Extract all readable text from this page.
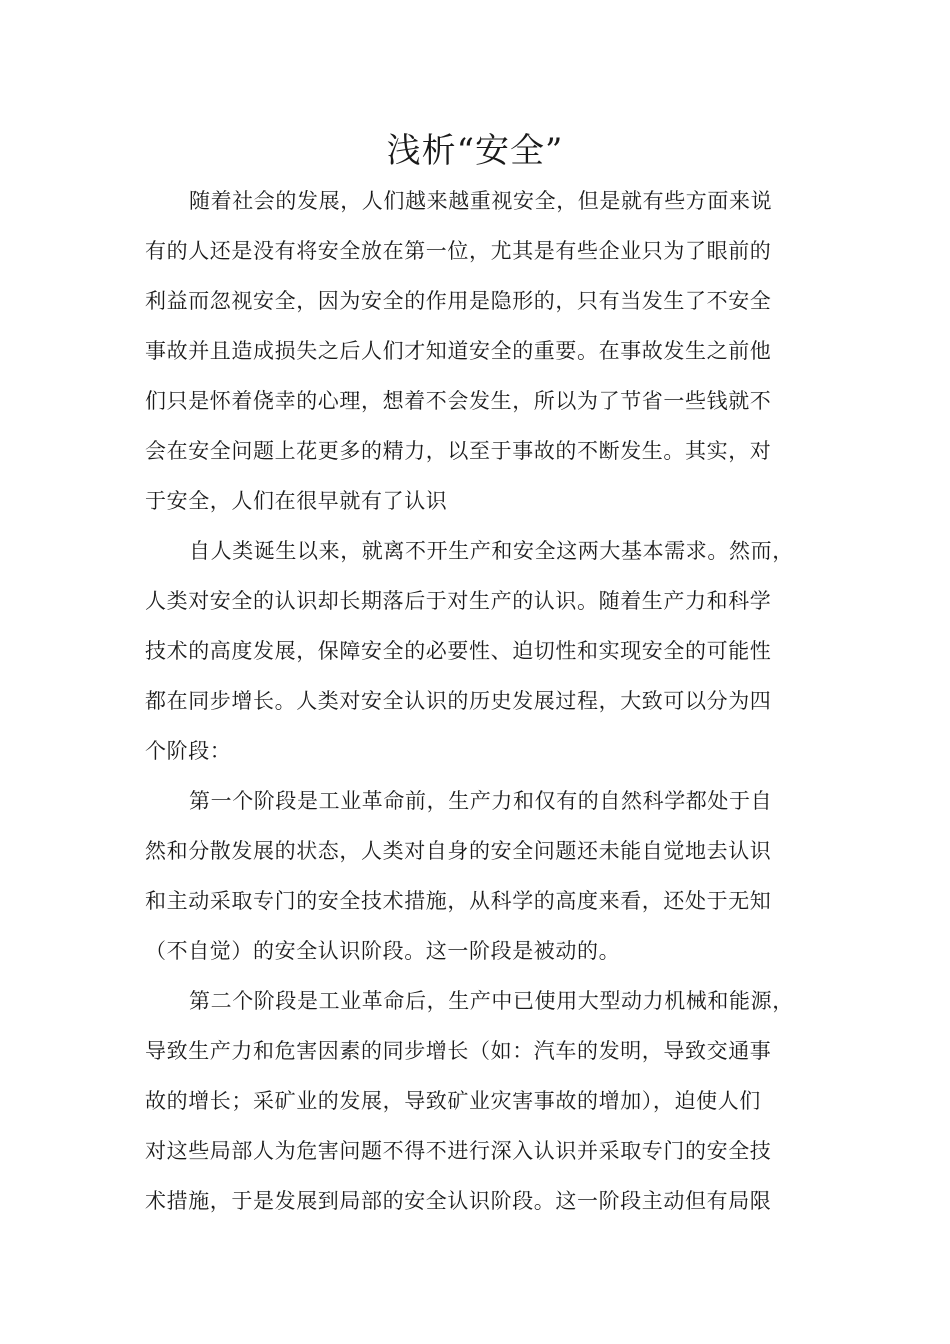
浅析“安全”
随着社会的发展，人们越来越重视安全，但是就有些方面来说
有的人还是没有将安全放在第一位，尤其是有些企业只为了眼前的
利益而忽视安全，因为安全的作用是隐形的，只有当发生了不安全
事故并且造成损失之后人们才知道安全的重要。在事故发生之前他
们只是怀着侥幸的心理，想着不会发生，所以为了节省一些钱就不
会在安全问题上花更多的精力，以至于事故的不断发生。其实，对
于安全，人们在很早就有了认识
自人类诞生以来，就离不开生产和安全这两大基本需求。然而，
人类对安全的认识却长期落后于对生产的认识。随着生产力和科学
技术的高度发展，保障安全的必要性、迫切性和实现安全的可能性
都在同步增长。人类对安全认识的历史发展过程，大致可以分为四
个阶段：
第一个阶段是工业革命前，生产力和仅有的自然科学都处于自
然和分散发展的状态，人类对自身的安全问题还未能自觉地去认识
和主动采取专门的安全技术措施，从科学的高度来看，还处于无知
（不自觉）的安全认识阶段。这一阶段是被动的。
第二个阶段是工业革命后，生产中已使用大型动力机械和能源，
导致生产力和危害因素的同步增长（如：汽车的发明，导致交通事
故的增长；采矿业的发展，导致矿业灾害事故的增加），迫使人们
对这些局部人为危害问题不得不进行深入认识并采取专门的安全技
术措施，于是发展到局部的安全认识阶段。这一阶段主动但有局限
